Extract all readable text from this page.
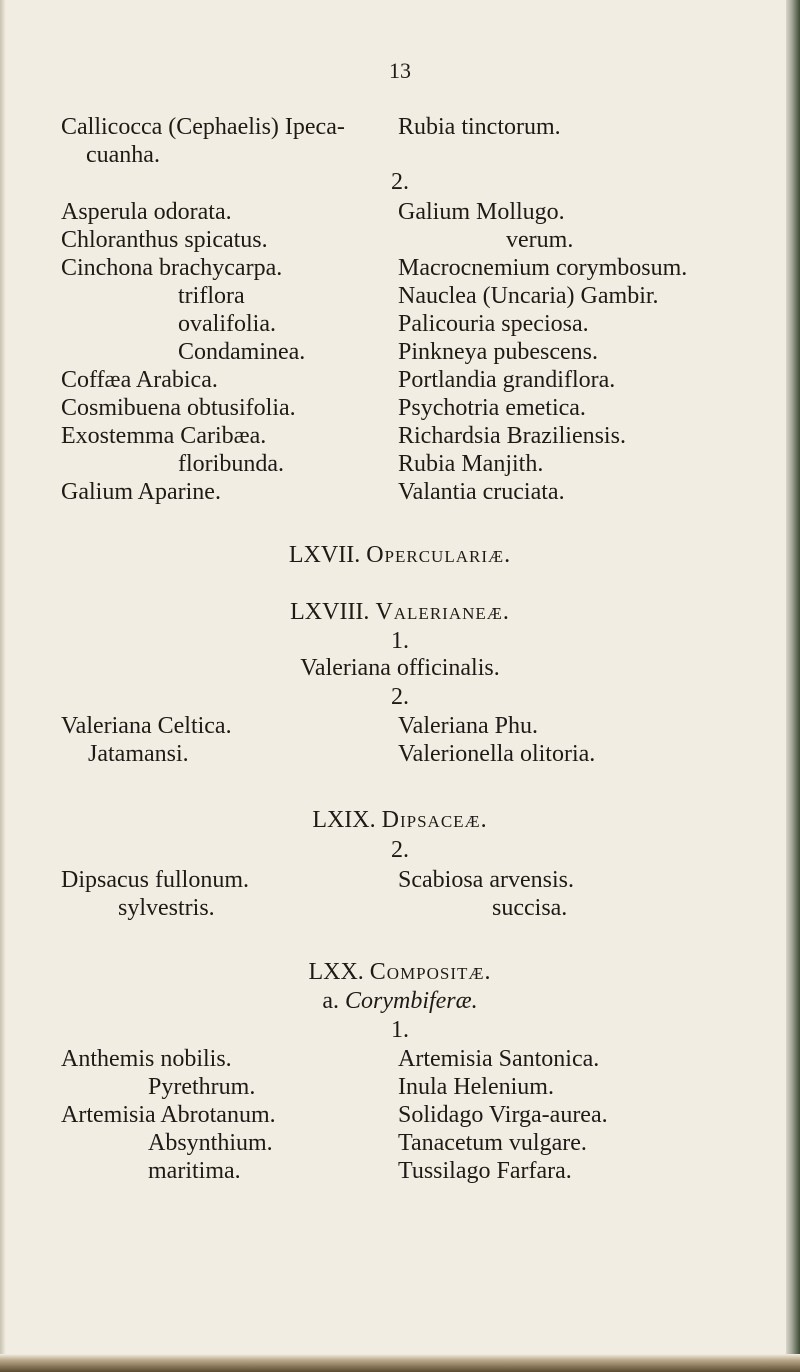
13
Callicocca (Cephaelis) Ipeca-
cuanha.
Rubia tinctorum.
2.
Asperula odorata.
Chloranthus spicatus.
Cinchona brachycarpa.
triflora
ovalifolia.
Condaminea.
Coffæa Arabica.
Cosmibuena obtusifolia.
Exostemma Caribæa.
floribunda.
Galium Aparine.
Galium Mollugo.
verum.
Macrocnemium corymbosum.
Nauclea (Uncaria) Gambir.
Palicouria speciosa.
Pinkneya pubescens.
Portlandia grandiflora.
Psychotria emetica.
Richardsia Braziliensis.
Rubia Manjith.
Valantia cruciata.
LXVII. Operculariæ.
LXVIII. Valerianeæ.
1.
Valeriana officinalis.
2.
Valeriana Celtica.
Jatamansi.
Valeriana Phu.
Valerionella olitoria.
LXIX. Dipsaceæ.
2.
Dipsacus fullonum.
sylvestris.
Scabiosa arvensis.
succisa.
LXX. Compositæ.
a. Corymbiferæ.
1.
Anthemis nobilis.
Pyrethrum.
Artemisia Abrotanum.
Absynthium.
maritima.
Artemisia Santonica.
Inula Helenium.
Solidago Virga-aurea.
Tanacetum vulgare.
Tussilago Farfara.
